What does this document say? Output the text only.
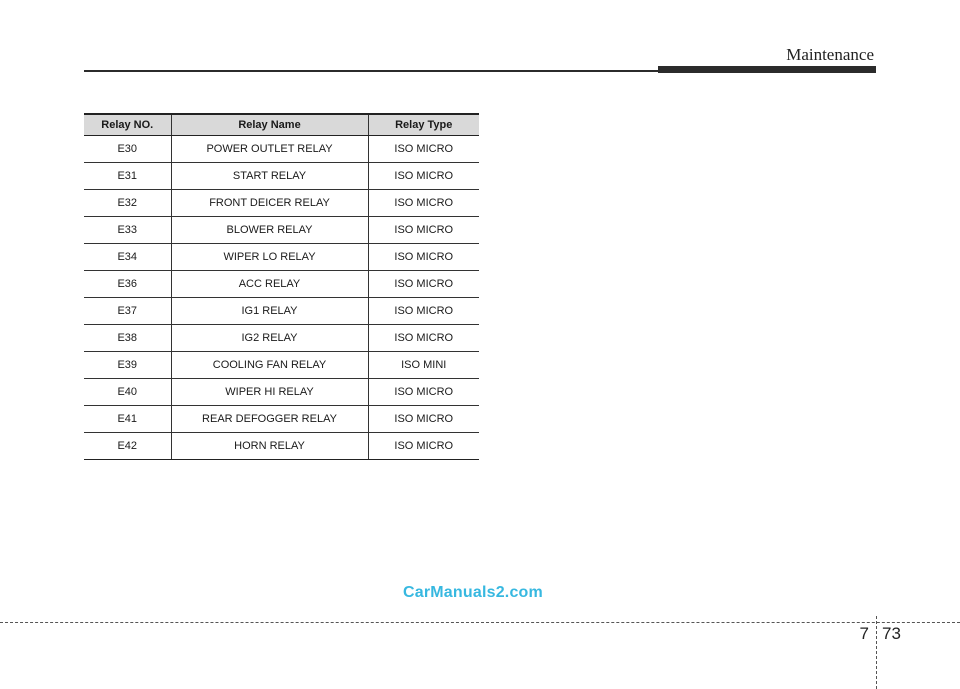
Maintenance
Relay NO.	Relay Name	Relay Type
E30	POWER OUTLET RELAY	ISO MICRO
E31	START RELAY	ISO MICRO
E32	FRONT DEICER RELAY	ISO MICRO
E33	BLOWER RELAY	ISO MICRO
E34	WIPER LO RELAY	ISO MICRO
E36	ACC RELAY	ISO MICRO
E37	IG1 RELAY	ISO MICRO
E38	IG2 RELAY	ISO MICRO
E39	COOLING FAN RELAY	ISO MINI
E40	WIPER HI RELAY	ISO MICRO
E41	REAR DEFOGGER RELAY	ISO MICRO
E42	HORN RELAY	ISO MICRO
CarManuals2.com
7 73
